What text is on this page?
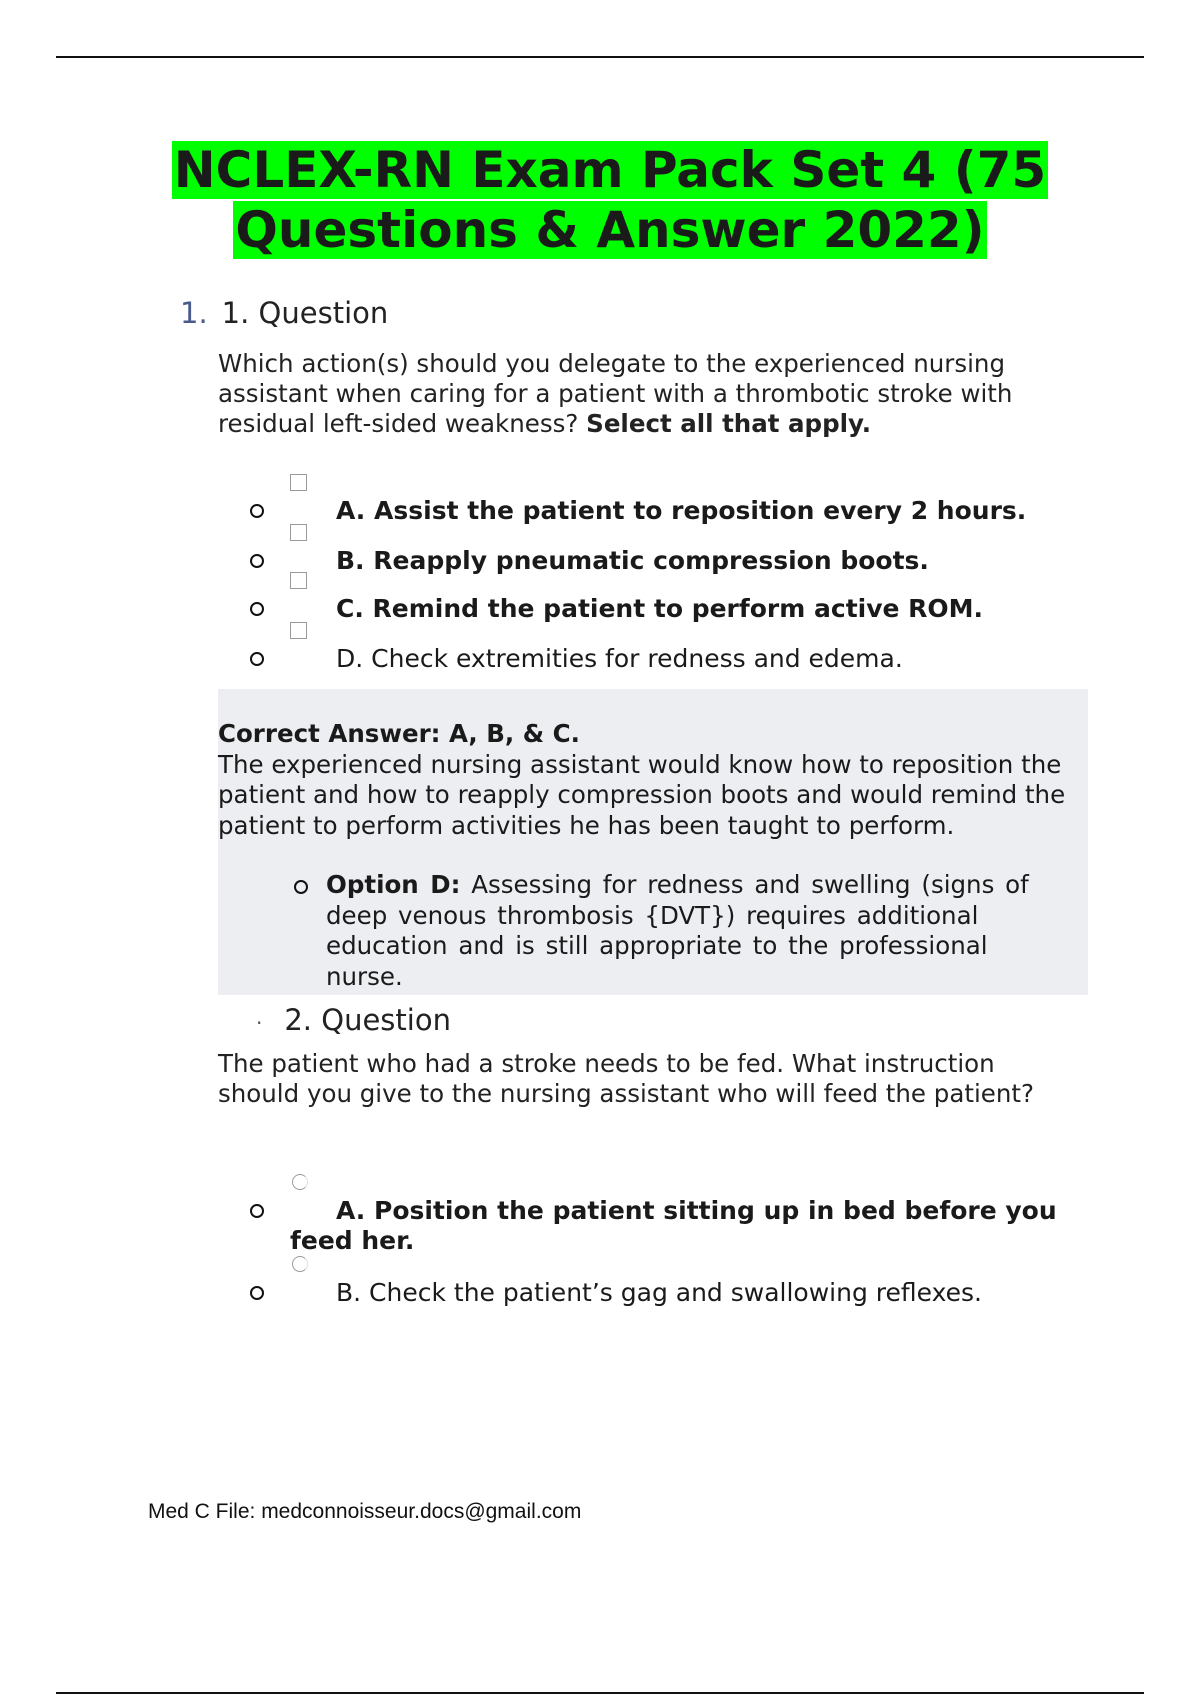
NCLEX-RN Exam Pack Set 4 (75
Questions & Answer 2022)
1. 1. Question
Which action(s) should you delegate to the experienced nursing assistant when caring for a patient with a thrombotic stroke with residual left-sided weakness? Select all that apply.
A. Assist the patient to reposition every 2 hours.
B. Reapply pneumatic compression boots.
C. Remind the patient to perform active ROM.
D. Check extremities for redness and edema.
Correct Answer: A, B, & C.
The experienced nursing assistant would know how to reposition the patient and how to reapply compression boots and would remind the patient to perform activities he has been taught to perform.
Option D: Assessing for redness and swelling (signs of deep venous thrombosis {DVT}) requires additional education and is still appropriate to the professional nurse.
· 2. Question
The patient who had a stroke needs to be fed. What instruction should you give to the nursing assistant who will feed the patient?
A. Position the patient sitting up in bed before you feed her.
B. Check the patient’s gag and swallowing reflexes.
Med C File: medconnoisseur.docs@gmail.com
